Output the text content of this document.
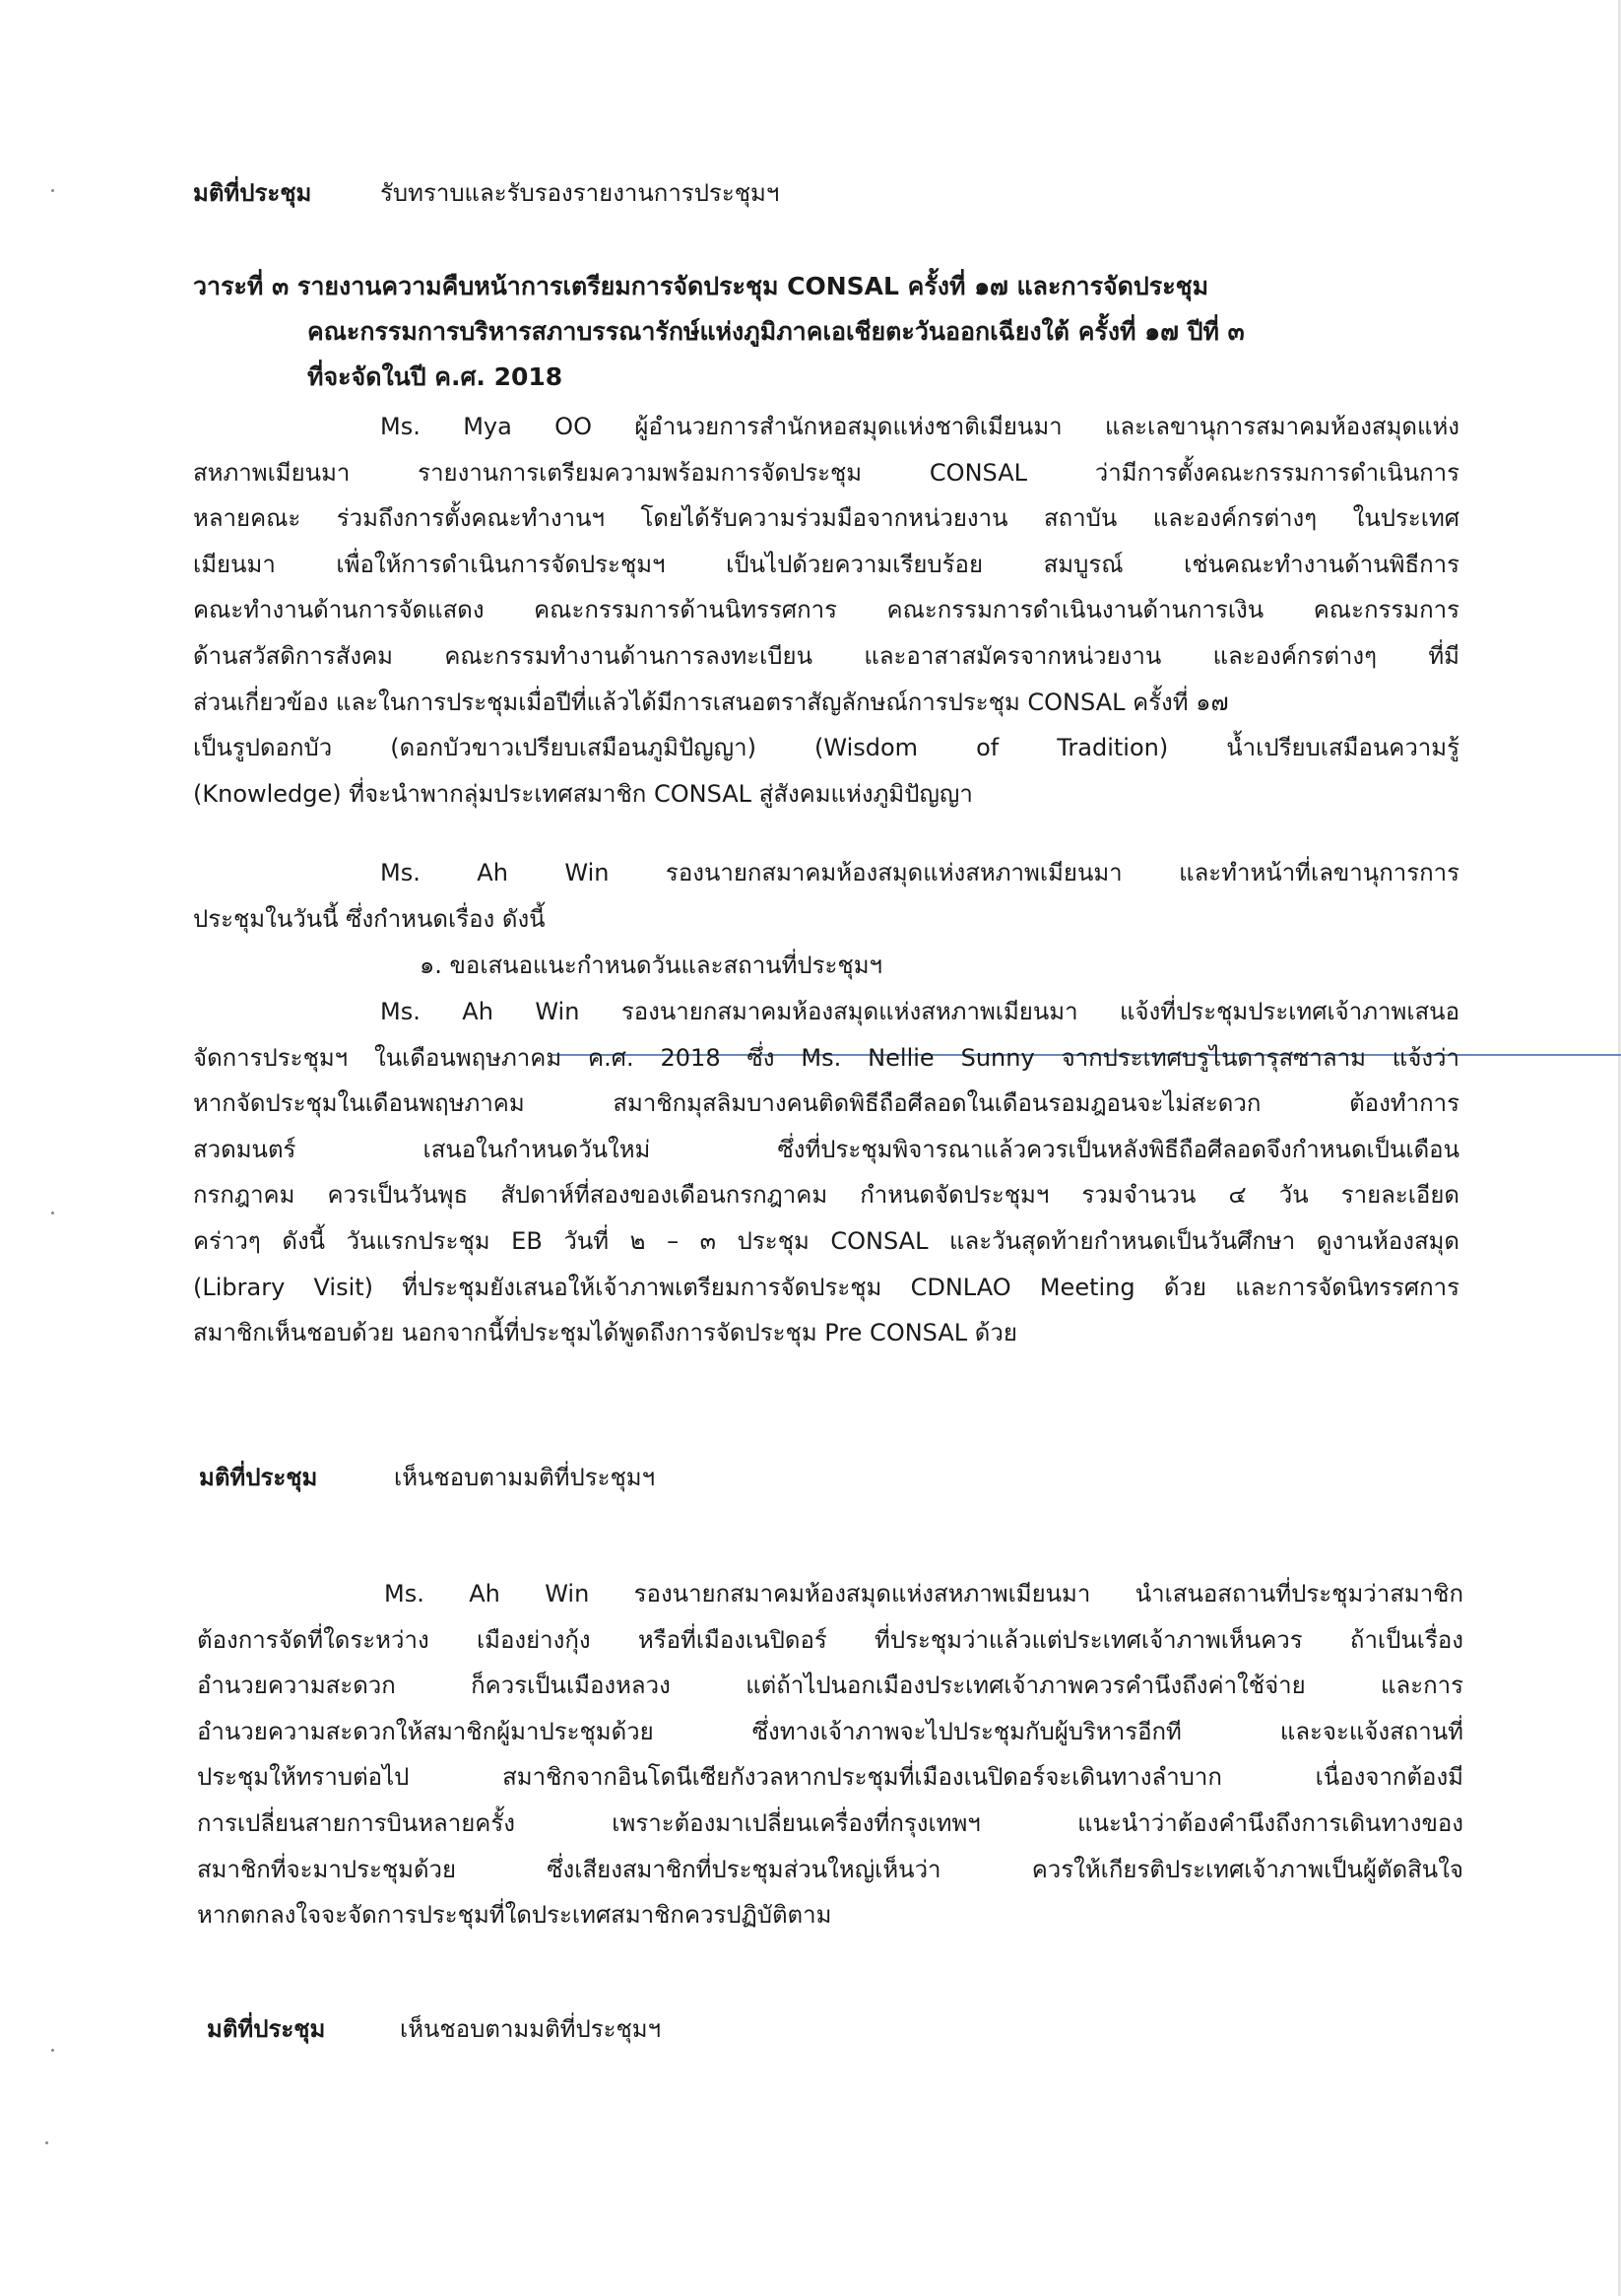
มติที่ประชุม	รับทราบและรับรองรายงานการประชุมฯ
วาระที่ ๓ รายงานความคืบหน้าการเตรียมการจัดประชุม CONSAL ครั้งที่ ๑๗ และการจัดประชุม
คณะกรรมการบริหารสภาบรรณารักษ์แห่งภูมิภาคเอเชียตะวันออกเฉียงใต้ ครั้งที่ ๑๗ ปีที่ ๓
ที่จะจัดในปี ค.ศ. 2018
Ms. Mya OO ผู้อำนวยการสำนักหอสมุดแห่งชาติเมียนมา และเลขานุการสมาคมห้องสมุดแห่ง
สหภาพเมียนมา รายงานการเตรียมความพร้อมการจัดประชุม CONSAL ว่ามีการตั้งคณะกรรมการดำเนินการ
หลายคณะ ร่วมถึงการตั้งคณะทำงานฯ โดยได้รับความร่วมมือจากหน่วยงาน สถาบัน และองค์กรต่างๆ ในประเทศ
เมียนมา เพื่อให้การดำเนินการจัดประชุมฯ เป็นไปด้วยความเรียบร้อย สมบูรณ์ เช่นคณะทำงานด้านพิธีการ
คณะทำงานด้านการจัดแสดง คณะกรรมการด้านนิทรรศการ คณะกรรมการดำเนินงานด้านการเงิน คณะกรรมการ
ด้านสวัสดิการสังคม คณะกรรมทำงานด้านการลงทะเบียน และอาสาสมัครจากหน่วยงาน และองค์กรต่างๆ ที่มี
ส่วนเกี่ยวข้อง และในการประชุมเมื่อปีที่แล้วได้มีการเสนอตราสัญลักษณ์การประชุม CONSAL ครั้งที่ ๑๗
เป็นรูปดอกบัว (ดอกบัวขาวเปรียบเสมือนภูมิปัญญา) (Wisdom of Tradition) น้ำเปรียบเสมือนความรู้
(Knowledge) ที่จะนำพากลุ่มประเทศสมาชิก CONSAL สู่สังคมแห่งภูมิปัญญา
Ms. Ah Win รองนายกสมาคมห้องสมุดแห่งสหภาพเมียนมา และทำหน้าที่เลขานุการการ
ประชุมในวันนี้ ซึ่งกำหนดเรื่อง ดังนี้
๑. ขอเสนอแนะกำหนดวันและสถานที่ประชุมฯ
Ms. Ah Win รองนายกสมาคมห้องสมุดแห่งสหภาพเมียนมา แจ้งที่ประชุมประเทศเจ้าภาพเสนอ
จัดการประชุมฯ ในเดือนพฤษภาคม ค.ศ. 2018 ซึ่ง Ms. Nellie Sunny จากประเทศบรูไนดารุสซาลาม แจ้งว่า
หากจัดประชุมในเดือนพฤษภาคม สมาชิกมุสลิมบางคนติดพิธีถือศีลอดในเดือนรอมฎอนจะไม่สะดวก ต้องทำการ
สวดมนตร์ เสนอในกำหนดวันใหม่ ซึ่งที่ประชุมพิจารณาแล้วควรเป็นหลังพิธีถือศีลอดจึงกำหนดเป็นเดือน
กรกฎาคม ควรเป็นวันพุธ สัปดาห์ที่สองของเดือนกรกฎาคม กำหนดจัดประชุมฯ รวมจำนวน ๔ วัน รายละเอียด
คร่าวๆ ดังนี้ วันแรกประชุม EB วันที่ ๒ – ๓ ประชุม CONSAL และวันสุดท้ายกำหนดเป็นวันศึกษา ดูงานห้องสมุด
(Library Visit) ที่ประชุมยังเสนอให้เจ้าภาพเตรียมการจัดประชุม CDNLAO Meeting ด้วย และการจัดนิทรรศการ
สมาชิกเห็นชอบด้วย นอกจากนี้ที่ประชุมได้พูดถึงการจัดประชุม Pre CONSAL ด้วย
มติที่ประชุม	เห็นชอบตามมติที่ประชุมฯ
Ms. Ah Win รองนายกสมาคมห้องสมุดแห่งสหภาพเมียนมา นำเสนอสถานที่ประชุมว่าสมาชิก
ต้องการจัดที่ใดระหว่าง เมืองย่างกุ้ง หรือที่เมืองเนปิดอร์ ที่ประชุมว่าแล้วแต่ประเทศเจ้าภาพเห็นควร ถ้าเป็นเรื่อง
อำนวยความสะดวก ก็ควรเป็นเมืองหลวง แต่ถ้าไปนอกเมืองประเทศเจ้าภาพควรคำนึงถึงค่าใช้จ่าย และการ
อำนวยความสะดวกให้สมาชิกผู้มาประชุมด้วย ซึ่งทางเจ้าภาพจะไปประชุมกับผู้บริหารอีกที และจะแจ้งสถานที่
ประชุมให้ทราบต่อไป สมาชิกจากอินโดนีเซียกังวลหากประชุมที่เมืองเนปิดอร์จะเดินทางลำบาก เนื่องจากต้องมี
การเปลี่ยนสายการบินหลายครั้ง เพราะต้องมาเปลี่ยนเครื่องที่กรุงเทพฯ แนะนำว่าต้องคำนึงถึงการเดินทางของ
สมาชิกที่จะมาประชุมด้วย ซึ่งเสียงสมาชิกที่ประชุมส่วนใหญ่เห็นว่า ควรให้เกียรติประเทศเจ้าภาพเป็นผู้ตัดสินใจ
หากตกลงใจจะจัดการประชุมที่ใดประเทศสมาชิกควรปฏิบัติตาม
มติที่ประชุม	เห็นชอบตามมติที่ประชุมฯ
